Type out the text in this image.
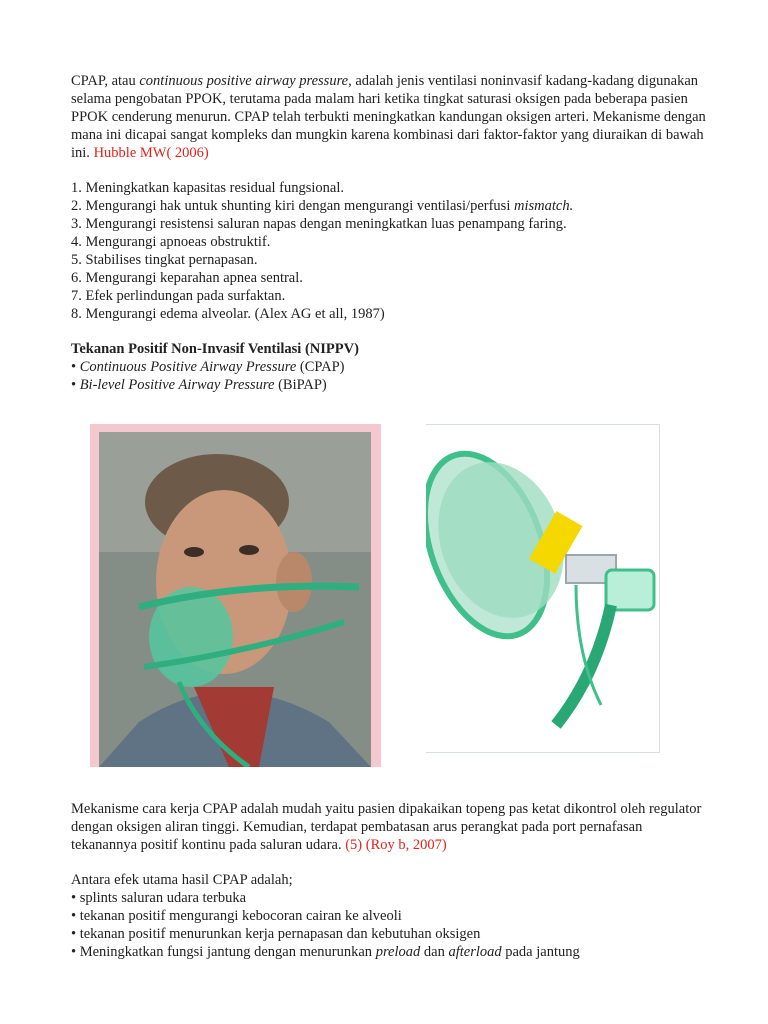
CPAP, atau continuous positive airway pressure, adalah jenis ventilasi noninvasif kadang-kadang digunakan selama pengobatan PPOK, terutama pada malam hari ketika tingkat saturasi oksigen pada beberapa pasien PPOK cenderung menurun. CPAP telah terbukti meningkatkan kandungan oksigen arteri. Mekanisme dengan mana ini dicapai sangat kompleks dan mungkin karena kombinasi dari faktor-faktor yang diuraikan di bawah ini. Hubble MW( 2006)

1. Meningkatkan kapasitas residual fungsional.

2. Mengurangi hak untuk shunting kiri dengan mengurangi ventilasi/perfusi mismatch.

3. Mengurangi resistensi saluran napas dengan meningkatkan luas penampang faring.

4. Mengurangi apnoeas obstruktif.

5. Stabilises tingkat pernapasan.

6. Mengurangi keparahan apnea sentral.

7. Efek perlindungan pada surfaktan.

8. Mengurangi edema alveolar. (Alex AG et all, 1987)

Tekanan Positif Non-Invasif Ventilasi (NIPPV)

• Continuous Positive Airway Pressure (CPAP)

• Bi-level Positive Airway Pressure (BiPAP)

Mekanisme cara kerja CPAP adalah mudah yaitu pasien dipakaikan topeng pas ketat dikontrol oleh regulator dengan oksigen aliran tinggi. Kemudian, terdapat pembatasan arus perangkat pada port pernafasan tekanannya positif kontinu pada saluran udara. (5) (Roy b, 2007)

Antara efek utama hasil CPAP adalah;

• splints saluran udara terbuka

• tekanan positif mengurangi kebocoran cairan ke alveoli

• tekanan positif menurunkan kerja pernapasan dan kebutuhan oksigen

• Meningkatkan fungsi jantung dengan menurunkan preload dan afterload pada jantung
